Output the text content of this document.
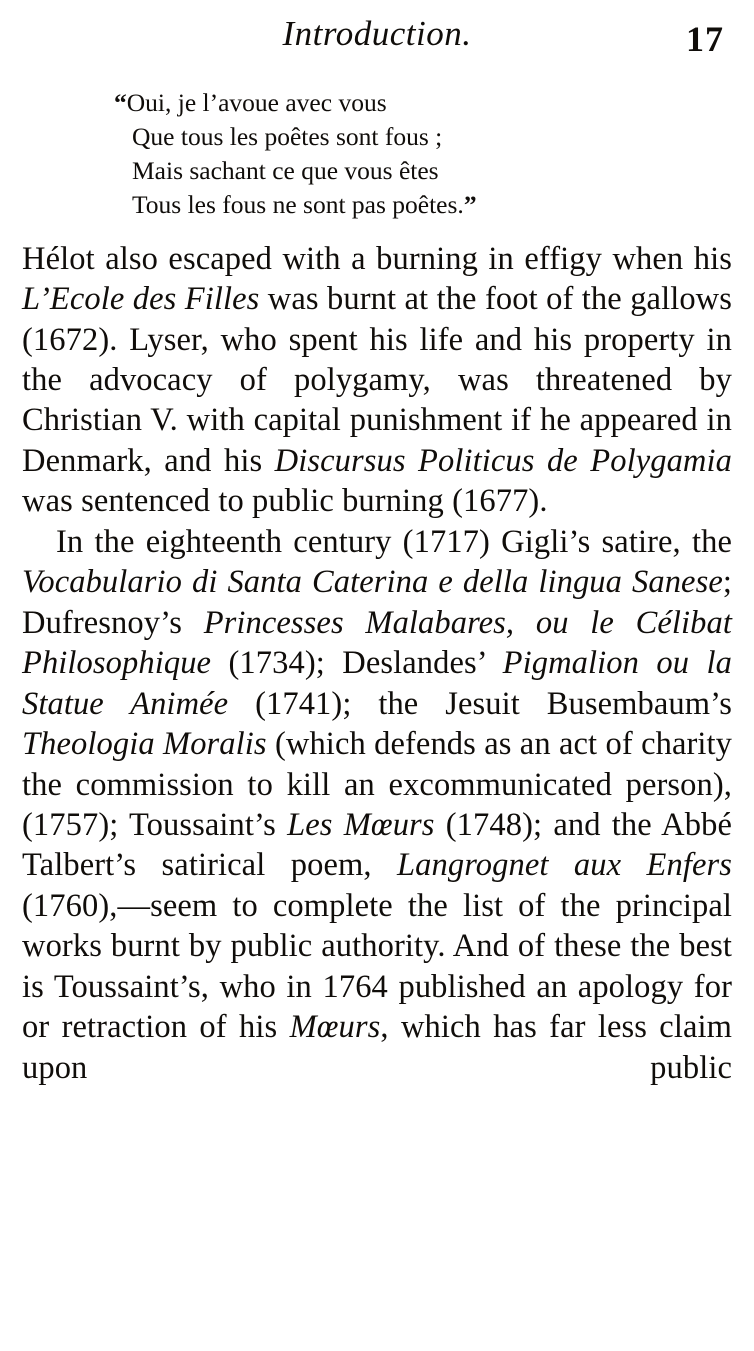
Introduction.	17
“Oui, je l’avoue avec vous
Que tous les poêtes sont fous ;
Mais sachant ce que vous êtes
Tous les fous ne sont pas poêtes.”

Hélot also escaped with a burning in effigy when his L’Ecole des Filles was burnt at the foot of the gallows (1672). Lyser, who spent his life and his property in the advocacy of polygamy, was threatened by Christian V. with capital punishment if he appeared in Denmark, and his Discursus Politicus de Polygamia was sentenced to public burning (1677).

In the eighteenth century (1717) Gigli’s satire, the Vocabulario di Santa Caterina e della lingua Sanese; Dufresnoy’s Princesses Malabares, ou le Célibat Philosophique (1734); Deslandes’ Pigmalion ou la Statue Animée (1741); the Jesuit Busembaum’s Theologia Moralis (which defends as an act of charity the commission to kill an excommunicated person), (1757); Toussaint’s Les Mœurs (1748); and the Abbé Talbert’s satirical poem, Langrognet aux Enfers (1760),—seem to complete the list of the principal works burnt by public authority. And of these the best is Toussaint’s, who in 1764 published an apology for or retraction of his Mœurs, which has far less claim upon public
